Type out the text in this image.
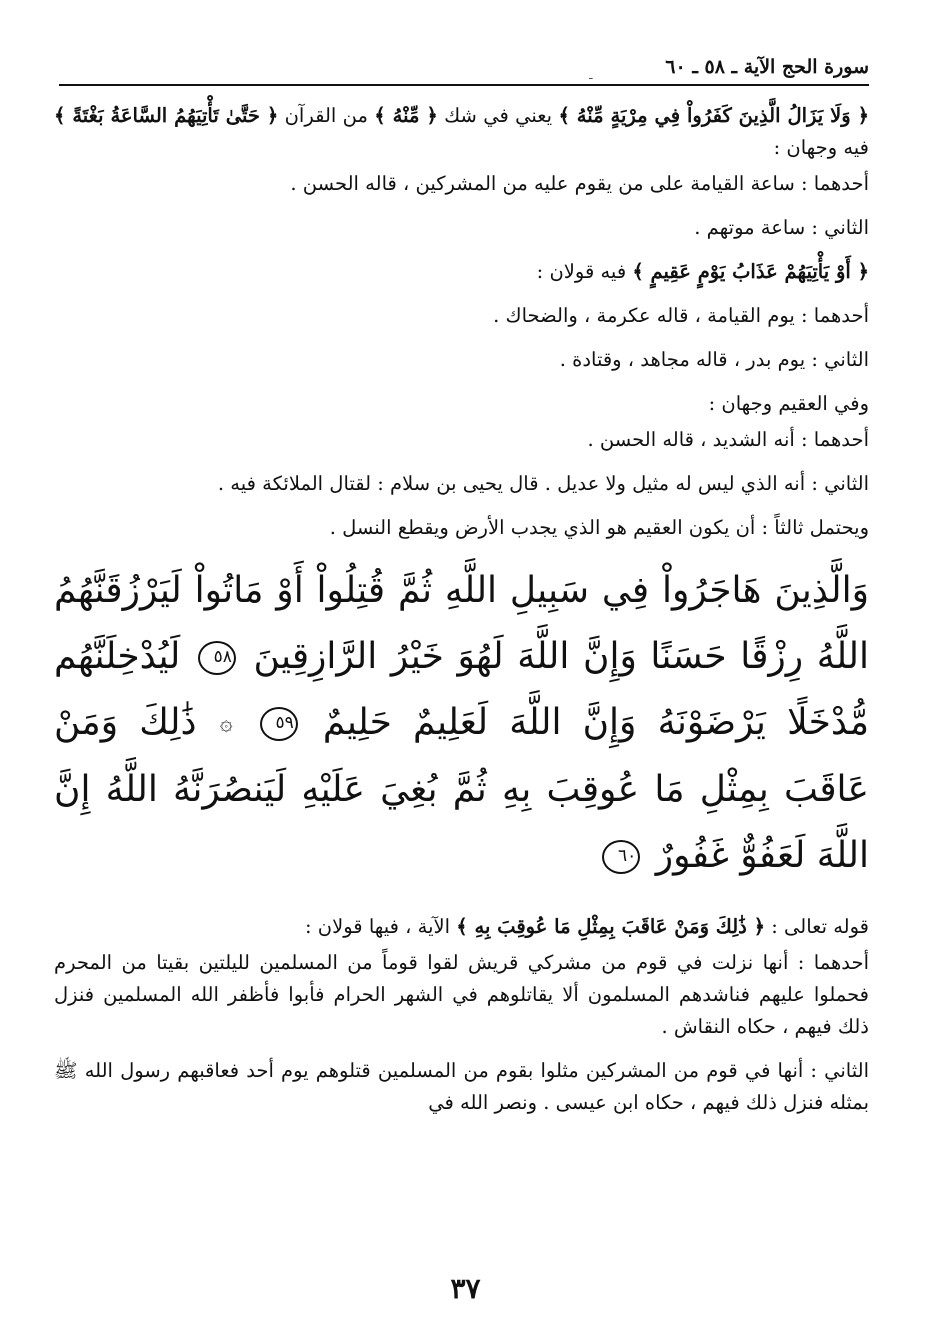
سورة الحج الآية ـ ٥٨ ـ ٦٠
ـ

﴿ وَلَا يَزَالُ الَّذِينَ كَفَرُواْ فِي مِرْيَةٍ مِّنْهُ ﴾ يعني في شك ﴿ مِّنْهُ ﴾ من القرآن ﴿ حَتَّىٰ تَأْتِيَهُمُ السَّاعَةُ بَغْتَةً ﴾ فيه وجهان :

أحدهما : ساعة القيامة على من يقوم عليه من المشركين ، قاله الحسن .

الثاني : ساعة موتهم .

﴿ أَوْ يَأْتِيَهُمْ عَذَابُ يَوْمٍ عَقِيمٍ ﴾ فيه قولان :

أحدهما : يوم القيامة ، قاله عكرمة ، والضحاك .

الثاني : يوم بدر ، قاله مجاهد ، وقتادة .

وفي العقيم وجهان :

أحدهما : أنه الشديد ، قاله الحسن .

الثاني : أنه الذي ليس له مثيل ولا عديل . قال يحيى بن سلام : لقتال الملائكة فيه .

ويحتمل ثالثاً : أن يكون العقيم هو الذي يجدب الأرض ويقطع النسل .

وَالَّذِينَ هَاجَرُواْ فِي سَبِيلِ اللَّهِ ثُمَّ قُتِلُواْ أَوْ مَاتُواْ لَيَرْزُقَنَّهُمُ اللَّهُ رِزْقًا حَسَنًا وَإِنَّ اللَّهَ لَهُوَ خَيْرُ الرَّازِقِينَ ٥٨ لَيُدْخِلَنَّهُم مُّدْخَلًا يَرْضَوْنَهُ وَإِنَّ اللَّهَ لَعَلِيمٌ حَلِيمٌ ٥٩ ۞ ذَٰلِكَ وَمَنْ عَاقَبَ بِمِثْلِ مَا عُوقِبَ بِهِ ثُمَّ بُغِيَ عَلَيْهِ لَيَنصُرَنَّهُ اللَّهُ إِنَّ اللَّهَ لَعَفُوٌّ غَفُورٌ ٦٠

قوله تعالى : ﴿ ذَٰلِكَ وَمَنْ عَاقَبَ بِمِثْلِ مَا عُوقِبَ بِهِ ﴾ الآية ، فيها قولان :

أحدهما : أنها نزلت في قوم من مشركي قريش لقوا قوماً من المسلمين لليلتين بقيتا من المحرم فحملوا عليهم فناشدهم المسلمون ألا يقاتلوهم في الشهر الحرام فأبوا فأظفر الله المسلمين فنزل ذلك فيهم ، حكاه النقاش .

الثاني : أنها في قوم من المشركين مثلوا بقوم من المسلمين قتلوهم يوم أحد فعاقبهم رسول الله ﷺ بمثله فنزل ذلك فيهم ، حكاه ابن عيسى . ونصر الله في

٣٧
